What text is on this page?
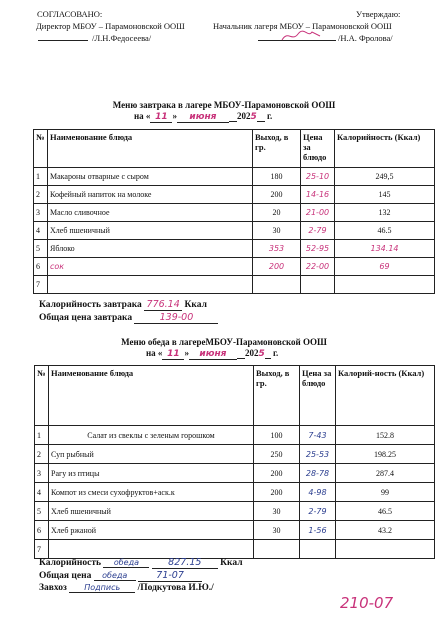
СОГЛАСОВАНО:
Директор МБОУ – Парамоновской ООШ
/Л.Н.Федосеева/
Утверждаю:
Начальник лагеря МБОУ – Парамоновской ООШ
/Н.А. Фролова/
Меню завтрака в лагере МБОУ-Парамоновской ООШ
на « 11 » июня 2025 г.
№	Наименование блюда	Выход, в гр.	Цена за блюдо	Калорийность (Ккал)
1	Макароны отварные с сыром	180	25-10	249,5
2	Кофейный напиток на молоке	200	14-16	145
3	Масло сливочное	20	21-00	132
4	Хлеб пшеничный	30	2-79	46.5
5	Яблоко	353	52-95	134.14
6	сок	200	22-00	69
7				
Калорийность завтрака 776.14 Ккал
Общая цена завтрака	139-00
Меню обеда в лагереМБОУ-Парамоновской ООШ
на « 11 » июня 2025 г.
№	Наименование блюда	Выход, в гр.	Цена за блюдо	Калорий-ность (Ккал)
1	Салат из свеклы с зеленым горошком	100	7-43	152.8
2	Суп рыбный	250	25-53	198.25
3	Рагу из птицы	200	28-78	287.4
4	Компот из смеси сухофруктов+аск.к	200	4-98	99
5	Хлеб пшеничный	30	2-79	46.5
6	Хлеб ржаной	30	1-56	43.2
7				
Калорийность обеда	827.15 Ккал
Общая цена обеда	71-07
Завхоз Подпись /Подкутова И.Ю./
210-07
